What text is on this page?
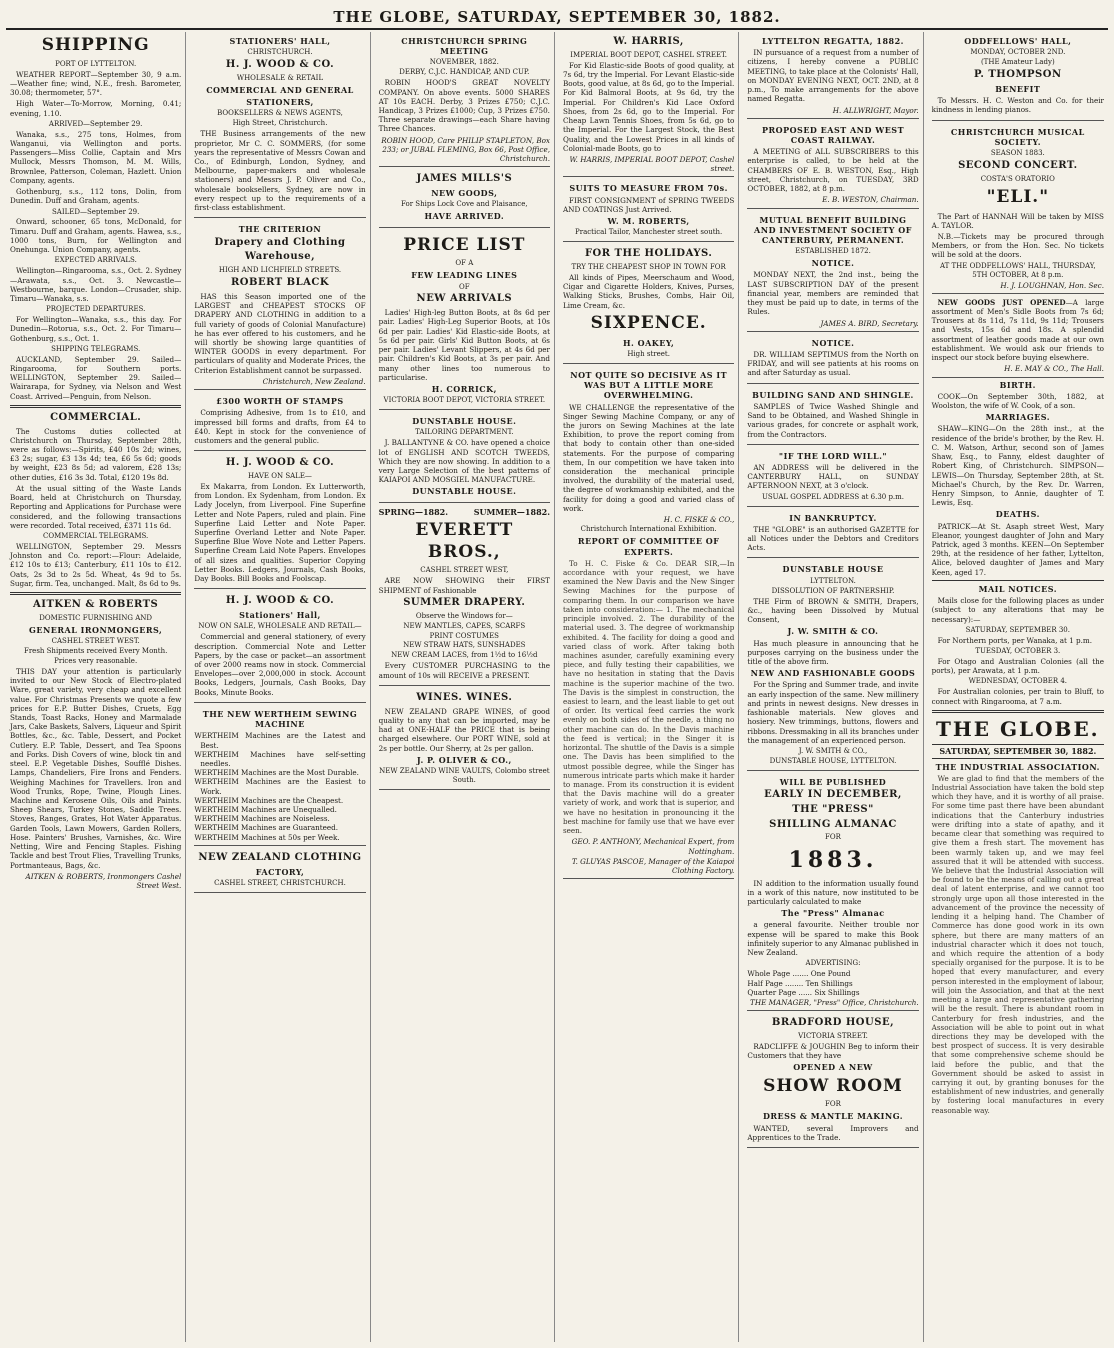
THE GLOBE, SATURDAY, SEPTEMBER 30, 1882.
SHIPPING
PORT OF LYTTELTON.

WEATHER REPORT—September 30, 9 a.m.—Weather fine; wind, N.E., fresh. Barometer, 30.08; thermometer, 57°.

High Water—To-Morrow, Morning, 0.41; evening, 1.10.

ARRIVED—September 29.

Wanaka, s.s., 275 tons, Holmes, from Wanganui, via Wellington and ports. Passengers—Miss Collie, Captain and Mrs Mullock, Messrs Thomson, M. M. Wills, Brownlee, Patterson, Coleman, Hazlett. Union Company, agents.

Gothenburg, s.s., 112 tons, Dolin, from Dunedin. Duff and Graham, agents.

SAILED—September 29.

Onward, schooner, 65 tons, McDonald, for Timaru. Duff and Graham, agents. Hawea, s.s., 1000 tons, Burn, for Wellington and Onehunga. Union Company, agents.

EXPECTED ARRIVALS.

Wellington—Ringarooma, s.s., Oct. 2. Sydney—Arawata, s.s., Oct. 3. Newcastle—Westbourne, barque. London—Crusader, ship. Timaru—Wanaka, s.s.

PROJECTED DEPARTURES.

For Wellington—Wanaka, s.s., this day. For Dunedin—Rotorua, s.s., Oct. 2. For Timaru—Gothenburg, s.s., Oct. 1.

SHIPPING TELEGRAMS.

AUCKLAND, September 29. Sailed—Ringarooma, for Southern ports. WELLINGTON, September 29. Sailed—Wairarapa, for Sydney, via Nelson and West Coast. Arrived—Penguin, from Nelson.

COMMERCIAL.

The Customs duties collected at Christchurch on Thursday, September 28th, were as follows:—Spirits, £40 10s 2d; wines, £3 2s; sugar, £3 13s 4d; tea, £6 5s 6d; goods by weight, £23 8s 5d; ad valorem, £28 13s; other duties, £16 3s 3d. Total, £120 19s 8d.

At the usual sitting of the Waste Lands Board, held at Christchurch on Thursday, Reporting and Applications for Purchase were considered, and the following transactions were recorded. Total received, £371 11s 6d.

COMMERCIAL TELEGRAMS.

WELLINGTON, September 29. Messrs Johnston and Co. report:—Flour: Adelaide, £12 10s to £13; Canterbury, £11 10s to £12. Oats, 2s 3d to 2s 5d. Wheat, 4s 9d to 5s. Sugar, firm. Tea, unchanged. Malt, 8s 6d to 9s.

AITKEN & ROBERTS
DOMESTIC FURNISHING AND
GENERAL IRONMONGERS,
CASHEL STREET WEST.
Fresh Shipments received Every Month.
Prices very reasonable.

THIS DAY your attention is particularly invited to our New Stock of Electro-plated Ware, great variety, very cheap and excellent value. For Christmas Presents we quote a few prices for E.P. Butter Dishes, Cruets, Egg Stands, Toast Racks, Honey and Marmalade Jars, Cake Baskets, Salvers, Liqueur and Spirit Bottles, &c., &c. Table, Dessert, and Pocket Cutlery. E.P. Table, Dessert, and Tea Spoons and Forks. Dish Covers of wine, block tin and steel. E.P. Vegetable Dishes, Soufflé Dishes. Lamps, Chandeliers, Fire Irons and Fenders. Weighing Machines for Travellers. Iron and Wood Trunks, Rope, Twine, Plough Lines. Machine and Kerosene Oils, Oils and Paints. Sheep Shears, Turkey Stones, Saddle Trees. Stoves, Ranges, Grates, Hot Water Apparatus. Garden Tools, Lawn Mowers, Garden Rollers, Hose. Painters' Brushes, Varnishes, &c. Wire Netting, Wire and Fencing Staples. Fishing Tackle and best Trout Flies, Travelling Trunks, Portmanteaus, Bags, &c.

AITKEN & ROBERTS, Ironmongers Cashel Street West.
STATIONERS' HALL,
CHRISTCHURCH.
H. J. WOOD & CO.
WHOLESALE & RETAIL
COMMERCIAL AND GENERAL
STATIONERS,
BOOKSELLERS & NEWS AGENTS,
High Street, Christchurch.

THE Business arrangements of the new proprietor, Mr C. C. SOMMERS, (for some years the representative of Messrs Cowan and Co., of Edinburgh, London, Sydney, and Melbourne, paper-makers and wholesale stationers) and Messrs J. P. Oliver and Co., wholesale booksellers, Sydney, are now in every respect up to the requirements of a first-class establishment.

THE CRITERION
Drapery and Clothing
Warehouse,
HIGH AND LICHFIELD STREETS.
ROBERT BLACK

HAS this Season imported one of the LARGEST and CHEAPEST STOCKS OF DRAPERY AND CLOTHING in addition to a full variety of goods of Colonial Manufacture) he has ever offered to his customers, and he will shortly be showing large quantities of WINTER GOODS in every department. For particulars of quality and Moderate Prices, the Criterion Establishment cannot be surpassed.

Christchurch, New Zealand.
£300 WORTH OF STAMPS

Comprising Adhesive, from 1s to £10, and impressed bill forms and drafts, from £4 to £40. Kept in stock for the convenience of customers and the general public.

H. J. WOOD & CO.
HAVE ON SALE—

Ex Makarra, from London. Ex Lutterworth, from London. Ex Sydenham, from London. Ex Lady Jocelyn, from Liverpool. Fine Superfine Letter and Note Papers, ruled and plain. Fine Superfine Laid Letter and Note Paper. Superfine Overland Letter and Note Paper. Superfine Blue Wove Note and Letter Papers. Superfine Cream Laid Note Papers. Envelopes of all sizes and qualities. Superior Copying Letter Books. Ledgers, Journals, Cash Books, Day Books. Bill Books and Foolscap.

H. J. WOOD & CO.
Stationers' Hall,
NOW ON SALE, WHOLESALE AND RETAIL—

Commercial and general stationery, of every description. Commercial Note and Letter Papers, by the case or packet—an assortment of over 2000 reams now in stock. Commercial Envelopes—over 2,000,000 in stock. Account Books, Ledgers, Journals, Cash Books, Day Books, Minute Books.

THE NEW WERTHEIM SEWING MACHINE
WERTHEIM Machines are the Latest and Best.
WERTHEIM Machines have self-setting needles.
WERTHEIM Machines are the Most Durable.
WERTHEIM Machines are the Easiest to Work.
WERTHEIM Machines are the Cheapest.
WERTHEIM Machines are Unequalled.
WERTHEIM Machines are Noiseless.
WERTHEIM Machines are Guaranteed.
WERTHEIM Machines at 50s per Week.
NEW ZEALAND CLOTHING
FACTORY,
CASHEL STREET, CHRISTCHURCH.
CHRISTCHURCH SPRING MEETING
NOVEMBER, 1882.
DERBY, C.J.C. HANDICAP, AND CUP.

ROBIN HOOD'S GREAT NOVELTY COMPANY. On above events. 5000 SHARES AT 10s EACH. Derby, 3 Prizes £750; C.J.C. Handicap, 3 Prizes £1000; Cup, 3 Prizes £750. Three separate drawings—each Share having Three Chances.

ROBIN HOOD, Care PHILIP STAPLETON, Box 233; or JUBAL FLEMING, Box 66, Post Office, Christchurch.
JAMES MILLS'S
NEW GOODS,
For Ships Lock Cove and Plaisance,
HAVE ARRIVED.
PRICE LIST
OF A
FEW LEADING LINES
OF
NEW ARRIVALS

Ladies' High-leg Button Boots, at 8s 6d per pair. Ladies' High-Leg Superior Boots, at 10s 6d per pair. Ladies' Kid Elastic-side Boots, at 5s 6d per pair. Girls' Kid Button Boots, at 6s per pair. Ladies' Levant Slippers, at 4s 6d per pair. Children's Kid Boots, at 3s per pair. And many other lines too numerous to particularise.

H. CORRICK,
VICTORIA BOOT DEPOT, VICTORIA STREET.
DUNSTABLE HOUSE.
TAILORING DEPARTMENT.

J. BALLANTYNE & CO. have opened a choice lot of ENGLISH AND SCOTCH TWEEDS, Which they are now showing. In addition to a very Large Selection of the best patterns of KAIAPOI AND MOSGIEL MANUFACTURE.

DUNSTABLE HOUSE.
SPRING—1882.	SUMMER—1882.
EVERETT BROS.,
CASHEL STREET WEST,

ARE NOW SHOWING their FIRST SHIPMENT of Fashionable

SUMMER DRAPERY.
Observe the Windows for—
NEW MANTLES, CAPES, SCARFS
PRINT COSTUMES
NEW STRAW HATS, SUNSHADES
NEW CREAM LACES, from 1½d to 16½d

Every CUSTOMER PURCHASING to the amount of 10s will RECEIVE a PRESENT.

WINES. WINES.

NEW ZEALAND GRAPE WINES, of good quality to any that can be imported, may be had at ONE-HALF the PRICE that is being charged elsewhere. Our PORT WINE, sold at 2s per bottle. Our Sherry, at 2s per gallon.

J. P. OLIVER & CO.,
NEW ZEALAND WINE VAULTS, Colombo street South.
W. HARRIS,
IMPERIAL BOOT DEPOT, CASHEL STREET.

For Kid Elastic-side Boots of good quality, at 7s 6d, try the Imperial. For Levant Elastic-side Boots, good value, at 8s 6d, go to the Imperial. For Kid Balmoral Boots, at 9s 6d, try the Imperial. For Children's Kid Lace Oxford Shoes, from 2s 6d, go to the Imperial. For Cheap Lawn Tennis Shoes, from 5s 6d, go to the Imperial. For the Largest Stock, the Best Quality, and the Lowest Prices in all kinds of Colonial-made Boots, go to

W. HARRIS, IMPERIAL BOOT DEPOT, Cashel street.
SUITS TO MEASURE FROM 70s.

FIRST CONSIGNMENT of SPRING TWEEDS AND COATINGS Just Arrived.

W. M. ROBERTS,
Practical Tailor, Manchester street south.
FOR THE HOLIDAYS.
TRY THE CHEAPEST SHOP IN TOWN FOR

All kinds of Pipes, Meerschaum and Wood, Cigar and Cigarette Holders, Knives, Purses, Walking Sticks, Brushes, Combs, Hair Oil, Lime Cream, &c.

SIXPENCE.
H. OAKEY,
High street.
NOT QUITE SO DECISIVE AS IT WAS BUT A LITTLE MORE OVERWHELMING.

WE CHALLENGE the representative of the Singer Sewing Machine Company, or any of the jurors on Sewing Machines at the late Exhibition, to prove the report coming from that body to contain other than one-sided statements. For the purpose of comparing them, In our competition we have taken into consideration the mechanical principle involved, the durability of the material used, the degree of workmanship exhibited, and the facility for doing a good and varied class of work.

H. C. FISKE & CO.,
Christchurch International Exhibition.
REPORT OF COMMITTEE OF EXPERTS.

To H. C. Fiske & Co. DEAR SIR,—In accordance with your request, we have examined the New Davis and the New Singer Sewing Machines for the purpose of comparing them. In our comparison we have taken into consideration:— 1. The mechanical principle involved. 2. The durability of the material used. 3. The degree of workmanship exhibited. 4. The facility for doing a good and varied class of work. After taking both machines asunder, carefully examining every piece, and fully testing their capabilities, we have no hesitation in stating that the Davis machine is the superior machine of the two. The Davis is the simplest in construction, the easiest to learn, and the least liable to get out of order. Its vertical feed carries the work evenly on both sides of the needle, a thing no other machine can do. In the Davis machine the feed is vertical; in the Singer it is horizontal. The shuttle of the Davis is a simple one. The Davis has been simplified to the utmost possible degree, while the Singer has numerous intricate parts which make it harder to manage. From its construction it is evident that the Davis machine will do a greater variety of work, and work that is superior, and we have no hesitation in pronouncing it the best machine for family use that we have ever seen.

GEO. P. ANTHONY, Mechanical Expert, from Nottingham.
T. GLUYAS PASCOE, Manager of the Kaiapoi Clothing Factory.
LYTTELTON REGATTA, 1882.

IN pursuance of a request from a number of citizens, I hereby convene a PUBLIC MEETING, to take place at the Colonists' Hall, on MONDAY EVENING NEXT, OCT. 2ND, at 8 p.m., To make arrangements for the above named Regatta.

H. ALLWRIGHT, Mayor.
PROPOSED EAST AND WEST COAST RAILWAY.

A MEETING of ALL SUBSCRIBERS to this enterprise is called, to be held at the CHAMBERS OF E. B. WESTON, Esq., High street, Christchurch, on TUESDAY, 3RD OCTOBER, 1882, at 8 p.m.

E. B. WESTON, Chairman.
MUTUAL BENEFIT BUILDING AND INVESTMENT SOCIETY OF CANTERBURY, PERMANENT.
ESTABLISHED 1872.
NOTICE.

MONDAY NEXT, the 2nd inst., being the LAST SUBSCRIPTION DAY of the present financial year, members are reminded that they must be paid up to date, in terms of the Rules.

JAMES A. BIRD, Secretary.
NOTICE.

DR. WILLIAM SEPTIMUS from the North on FRIDAY, and will see patients at his rooms on and after Saturday as usual.

BUILDING SAND AND SHINGLE.

SAMPLES of Twice Washed Shingle and Sand to be Obtained, and Washed Shingle in various grades, for concrete or asphalt work, from the Contractors.

"IF THE LORD WILL."

AN ADDRESS will be delivered in the CANTERBURY HALL, on SUNDAY AFTERNOON NEXT, at 3 o'clock.

USUAL GOSPEL ADDRESS at 6.30 p.m.
IN BANKRUPTCY.

THE "GLOBE" is an authorised GAZETTE for all Notices under the Debtors and Creditors Acts.

DUNSTABLE HOUSE
LYTTELTON.
DISSOLUTION OF PARTNERSHIP.

THE Firm of BROWN & SMITH, Drapers, &c., having been Dissolved by Mutual Consent,

J. W. SMITH & CO.

Has much pleasure in announcing that he purposes carrying on the business under the title of the above firm.

NEW AND FASHIONABLE GOODS

For the Spring and Summer trade, and invite an early inspection of the same. New millinery and prints in newest designs. New dresses in fashionable materials. New gloves and hosiery. New trimmings, buttons, flowers and ribbons. Dressmaking in all its branches under the management of an experienced person.

J. W. SMITH & CO.,
DUNSTABLE HOUSE, LYTTELTON.
WILL BE PUBLISHED
EARLY IN DECEMBER,
THE "PRESS"
SHILLING ALMANAC
FOR
1883.

IN addition to the information usually found in a work of this nature, now instituted to be particularly calculated to make

The "Press" Almanac

a general favourite. Neither trouble nor expense will be spared to make this Book infinitely superior to any Almanac published in New Zealand.

ADVERTISING:
Whole Page ....... One Pound
Half Page ........ Ten Shillings
Quarter Page ...... Six Shillings
THE MANAGER, "Press" Office, Christchurch.
BRADFORD HOUSE,
VICTORIA STREET.

RADCLIFFE & JOUGHIN Beg to inform their Customers that they have

OPENED A NEW
SHOW ROOM
FOR
DRESS & MANTLE MAKING.

WANTED, several Improvers and Apprentices to the Trade.

ODDFELLOWS' HALL,
MONDAY, OCTOBER 2ND.
(THE Amateur Lady)
P. THOMPSON
BENEFIT

To Messrs. H. C. Weston and Co. for their kindness in lending pianos.

CHRISTCHURCH MUSICAL SOCIETY.
SEASON 1883.
SECOND CONCERT.
COSTA'S ORATORIO
"ELI."

The Part of HANNAH Will be taken by MISS A. TAYLOR.

N.B.—Tickets may be procured through Members, or from the Hon. Sec. No tickets will be sold at the doors.

AT THE ODDFELLOWS' HALL, THURSDAY, 5TH OCTOBER, At 8 p.m.
H. J. LOUGHNAN, Hon. Sec.

NEW GOODS JUST OPENED—A large assortment of Men's Sidle Boots from 7s 6d; Trousers at 8s 11d, 7s 11d, 9s 11d; Trousers and Vests, 15s 6d and 18s. A splendid assortment of leather goods made at our own establishment. We would ask our friends to inspect our stock before buying elsewhere.

H. E. MAY & CO., The Hall.
BIRTH.

COOK—On September 30th, 1882, at Woolston, the wife of W. Cook, of a son.

MARRIAGES.

SHAW—KING—On the 28th inst., at the residence of the bride's brother, by the Rev. H. C. M. Watson, Arthur, second son of James Shaw, Esq., to Fanny, eldest daughter of Robert King, of Christchurch. SIMPSON—LEWIS—On Thursday, September 28th, at St. Michael's Church, by the Rev. Dr. Warren, Henry Simpson, to Annie, daughter of T. Lewis, Esq.

DEATHS.

PATRICK—At St. Asaph street West, Mary Eleanor, youngest daughter of John and Mary Patrick, aged 3 months. KEEN—On September 29th, at the residence of her father, Lyttelton, Alice, beloved daughter of James and Mary Keen, aged 17.

MAIL NOTICES.

Mails close for the following places as under (subject to any alterations that may be necessary):—

SATURDAY, SEPTEMBER 30.

For Northern ports, per Wanaka, at 1 p.m.

TUESDAY, OCTOBER 3.

For Otago and Australian Colonies (all the ports), per Arawata, at 1 p.m.

WEDNESDAY, OCTOBER 4.

For Australian colonies, per train to Bluff, to connect with Ringarooma, at 7 a.m.

THE GLOBE.
SATURDAY, SEPTEMBER 30, 1882.
THE INDUSTRIAL ASSOCIATION.

We are glad to find that the members of the Industrial Association have taken the bold step which they have, and it is worthy of all praise. For some time past there have been abundant indications that the Canterbury industries were drifting into a state of apathy, and it became clear that something was required to give them a fresh start. The movement has been warmly taken up, and we may feel assured that it will be attended with success. We believe that the Industrial Association will be found to be the means of calling out a great deal of latent enterprise, and we cannot too strongly urge upon all those interested in the advancement of the province the necessity of lending it a helping hand. The Chamber of Commerce has done good work in its own sphere, but there are many matters of an industrial character which it does not touch, and which require the attention of a body specially organised for the purpose. It is to be hoped that every manufacturer, and every person interested in the employment of labour, will join the Association, and that at the next meeting a large and representative gathering will be the result. There is abundant room in Canterbury for fresh industries, and the Association will be able to point out in what directions they may be developed with the best prospect of success. It is very desirable that some comprehensive scheme should be laid before the public, and that the Government should be asked to assist in carrying it out, by granting bonuses for the establishment of new industries, and generally by fostering local manufactures in every reasonable way.
